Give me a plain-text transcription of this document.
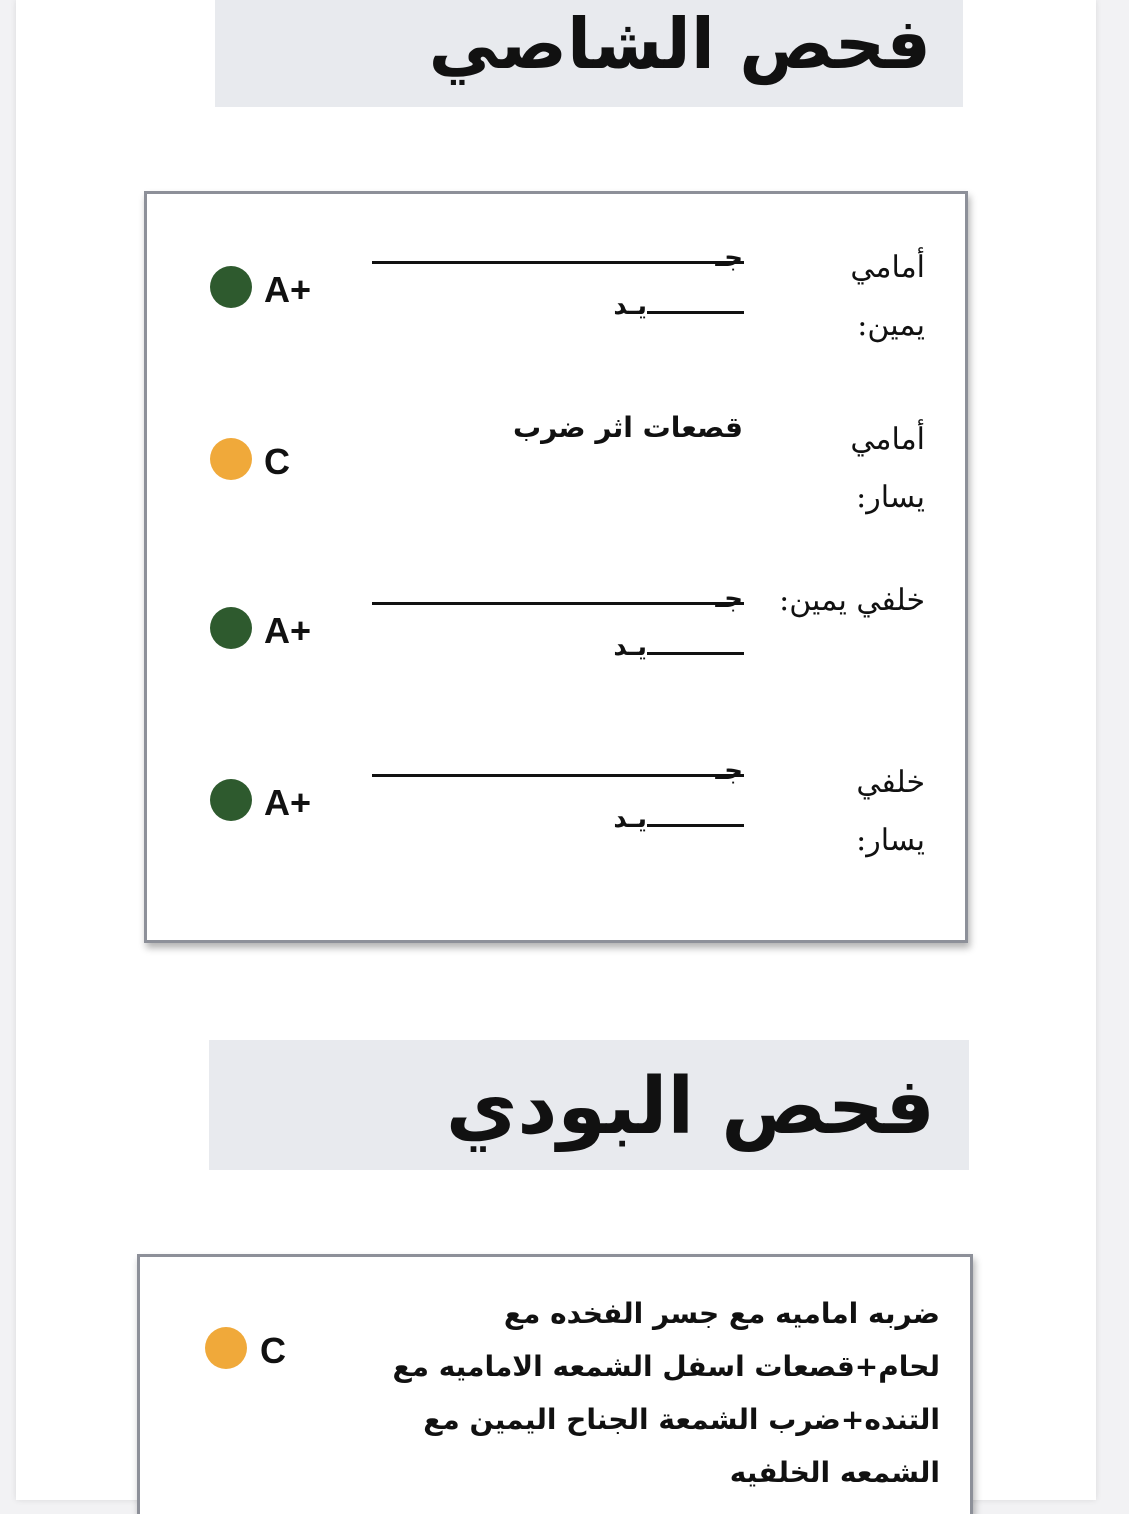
فحص الشاصي
أمامي
يمين:
جـ
يـد
A+
أمامي
يسار:
قصعات اثر ضرب
C
خلفي يمين:
جـ
يـد
A+
خلفي
يسار:
جـ
يـد
A+
فحص البودي
ضربه اماميه مع جسر الفخده مع
لحام+قصعات اسفل الشمعه الاماميه مع
التنده+ضرب الشمعة الجناح اليمين مع
الشمعه الخلفيه
C
